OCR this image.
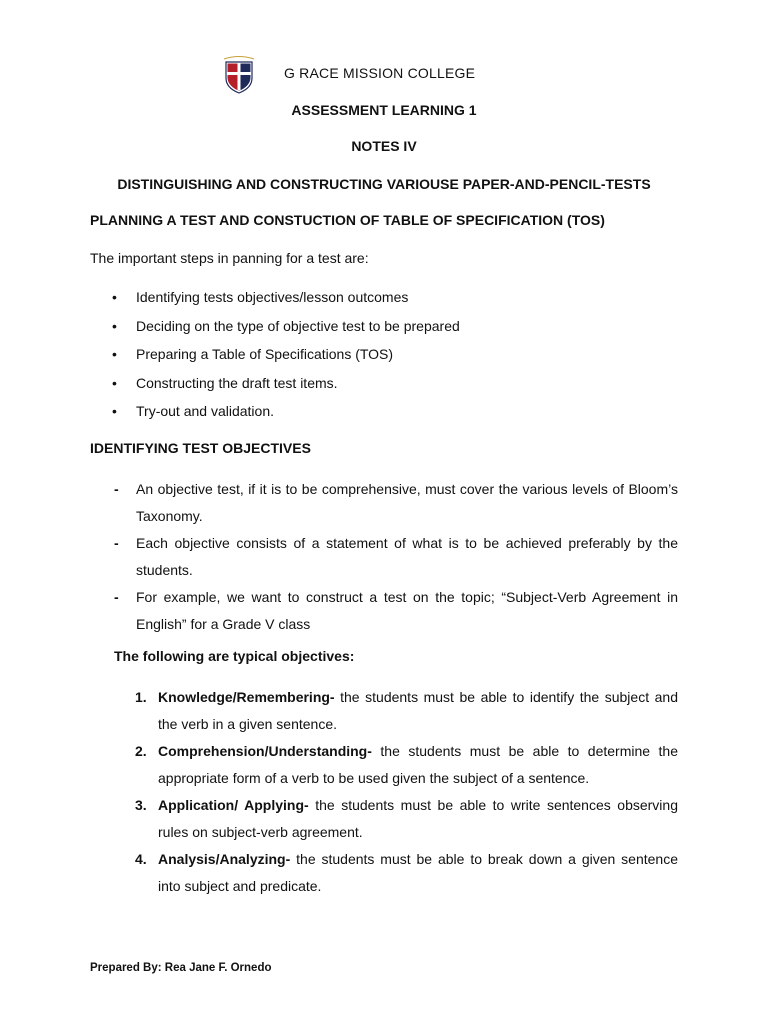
G RACE MISSION COLLEGE
ASSESSMENT LEARNING 1
NOTES IV
DISTINGUISHING AND CONSTRUCTING VARIOUSE PAPER-AND-PENCIL-TESTS
PLANNING A TEST AND CONSTUCTION OF TABLE OF SPECIFICATION (TOS)
The important steps in panning for a test are:
• Identifying tests objectives/lesson outcomes
• Deciding on the type of objective test to be prepared
• Preparing a Table of Specifications (TOS)
• Constructing the draft test items.
• Try-out and validation.
IDENTIFYING TEST OBJECTIVES
- An objective test, if it is to be comprehensive, must cover the various levels of Bloom’s Taxonomy.
- Each objective consists of a statement of what is to be achieved preferably by the students.
- For example, we want to construct a test on the topic; “Subject-Verb Agreement in English” for a Grade V class
The following are typical objectives:
1. Knowledge/Remembering- the students must be able to identify the subject and the verb in a given sentence.
2. Comprehension/Understanding- the students must be able to determine the appropriate form of a verb to be used given the subject of a sentence.
3. Application/ Applying- the students must be able to write sentences observing rules on subject-verb agreement.
4. Analysis/Analyzing- the students must be able to break down a given sentence into subject and predicate.
Prepared By: Rea Jane F. Ornedo
